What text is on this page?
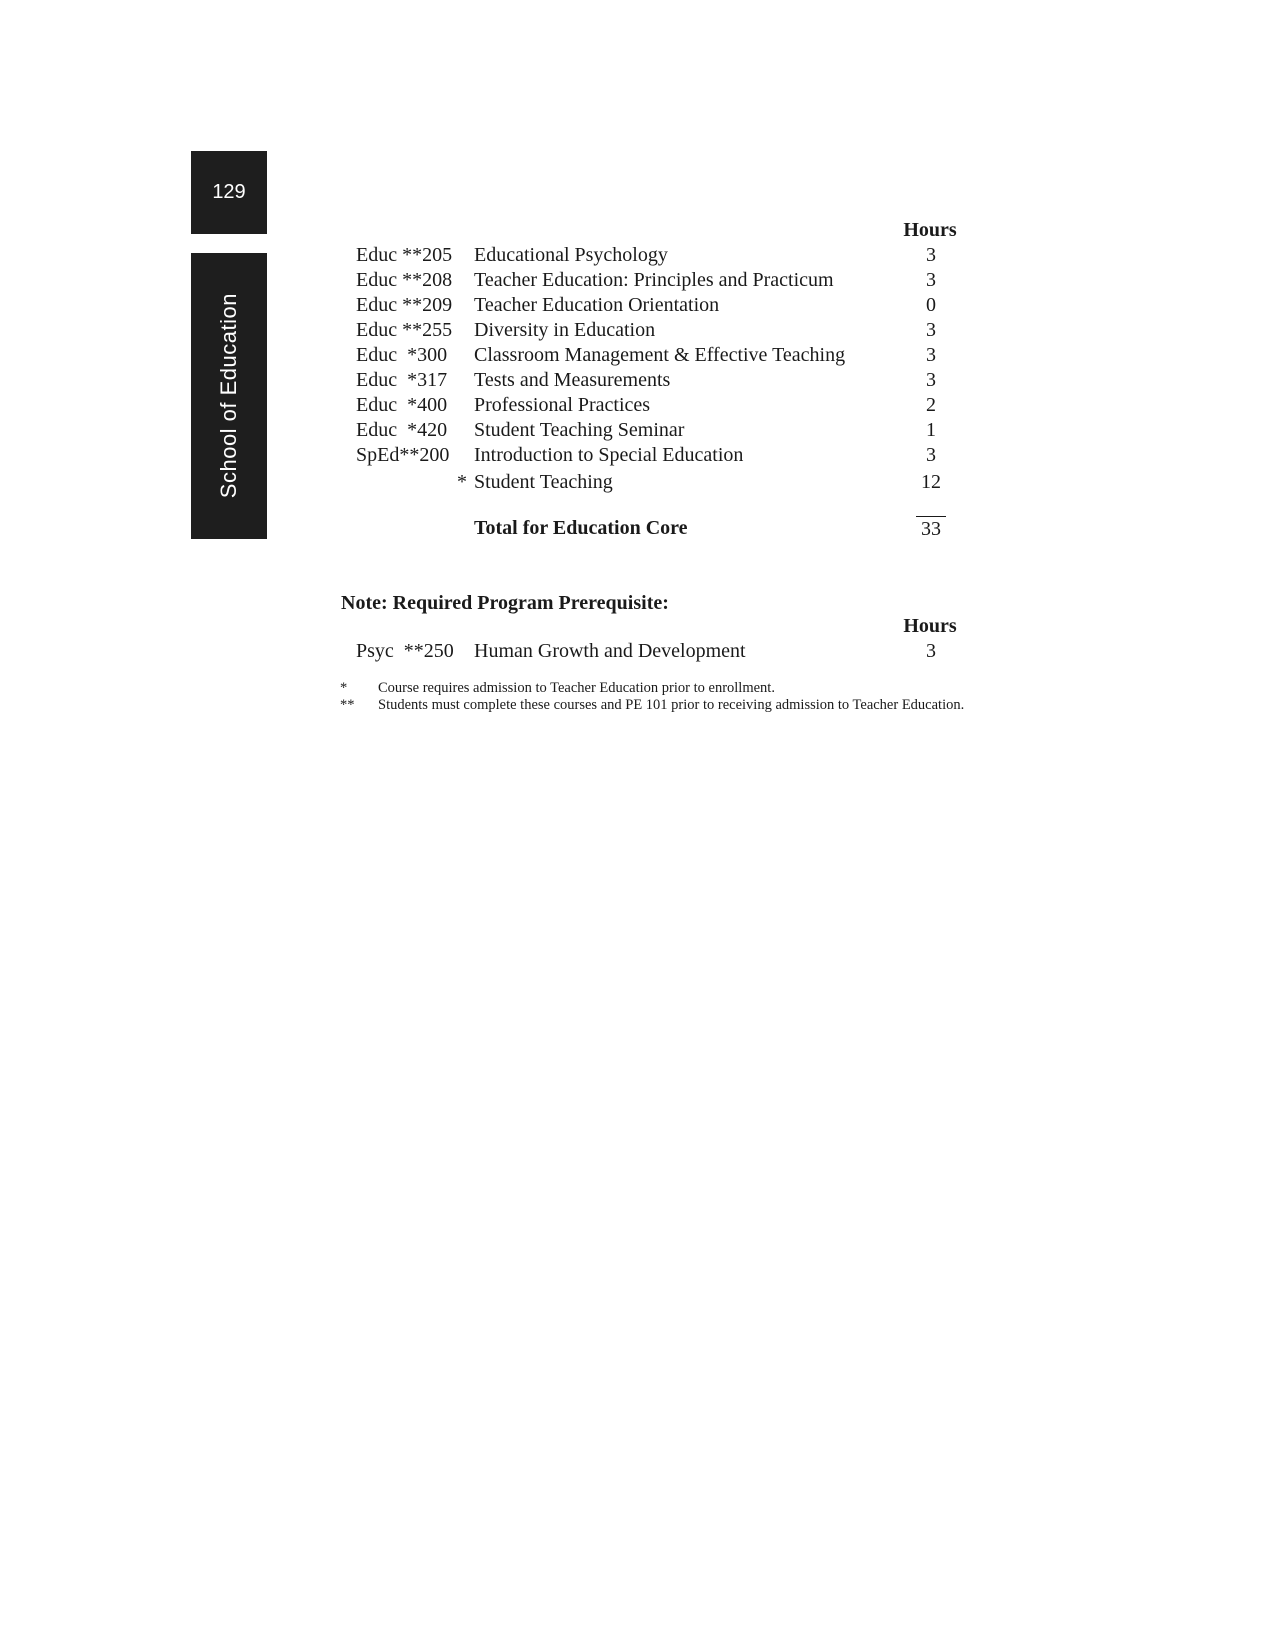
129
School of Education
Hours
Educ **205 Educational Psychology	3
Educ **208 Teacher Education: Principles and Practicum	3
Educ **209 Teacher Education Orientation	0
Educ **255 Diversity in Education	3
Educ  *300	Classroom Management & Effective Teaching	3
Educ  *317	Tests and Measurements	3
Educ  *400	Professional Practices	2
Educ  *420	Student Teaching Seminar	1
SpEd**200	Introduction to Special Education	3
* Student Teaching	12
Total for Education Core	33
Note: Required Program Prerequisite:
Hours
Psyc  **250 Human Growth and Development	3
* Course requires admission to Teacher Education prior to enrollment.
** Students must complete these courses and PE 101 prior to receiving admission to Teacher Education.
